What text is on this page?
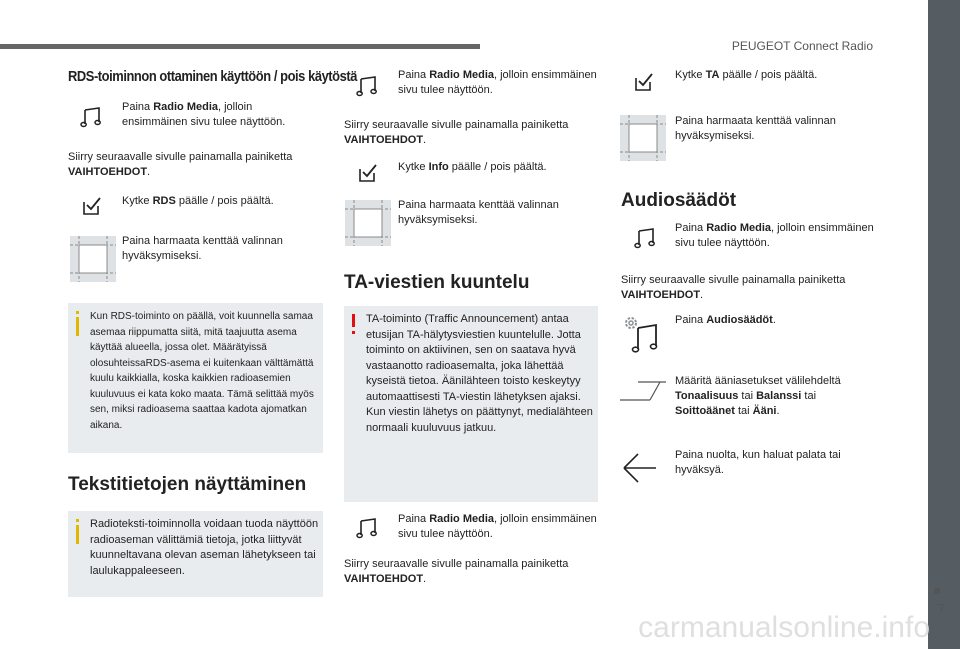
PEUGEOT Connect Radio
7
RDS-toiminnon ottaminen käyttöön / pois käytöstä
Paina Radio Media, jolloin ensimmäinen sivu tulee näyttöön.
Siirry seuraavalle sivulle painamalla painiketta VAIHTOEHDOT.
Kytke RDS päälle / pois päältä.
Paina harmaata kenttää valinnan hyväksymiseksi.
Kun RDS-toiminto on päällä, voit kuunnella samaa asemaa riippumatta siitä, mitä taajuutta asema käyttää alueella, jossa olet. Määrätyissä olosuhteissaRDS-asema ei kuitenkaan välttämättä kuulu kaikkialla, koska kaikkien radioasemien kuuluvuus ei kata koko maata. Tämä selittää myös sen, miksi radioasema saattaa kadota ajomatkan aikana.
Tekstitietojen näyttäminen
Radioteksti-toiminnolla voidaan tuoda näyttöön radioaseman välittämiä tietoja, jotka liittyvät kuunneltavana olevan aseman lähetykseen tai laulukappaleeseen.
Paina Radio Media, jolloin ensimmäinen sivu tulee näyttöön.
Siirry seuraavalle sivulle painamalla painiketta VAIHTOEHDOT.
Kytke Info päälle / pois päältä.
Paina harmaata kenttää valinnan hyväksymiseksi.
TA-viestien kuuntelu
TA-toiminto (Traffic Announcement) antaa etusijan TA-hälytysviestien kuuntelulle. Jotta toiminto on aktiivinen, sen on saatava hyvä vastaanotto radioasemalta, joka lähettää kyseistä tietoa. Äänilähteen toisto keskeytyy automaattisesti TA-viestin lähetyksen ajaksi. Kun viestin lähetys on päättynyt, medialähteen normaali kuuluvuus jatkuu.
Paina Radio Media, jolloin ensimmäinen sivu tulee näyttöön.
Siirry seuraavalle sivulle painamalla painiketta VAIHTOEHDOT.
Kytke TA päälle / pois päältä.
Paina harmaata kenttää valinnan hyväksymiseksi.
Audiosäädöt
Paina Radio Media, jolloin ensimmäinen sivu tulee näyttöön.
Siirry seuraavalle sivulle painamalla painiketta VAIHTOEHDOT.
Paina Audiosäädöt.
Määritä ääniasetukset välilehdeltä Tonaalisuus tai Balanssi tai
Soittoäänet tai Ääni.
Paina nuolta, kun haluat palata tai hyväksyä.
carmanualsonline.info
